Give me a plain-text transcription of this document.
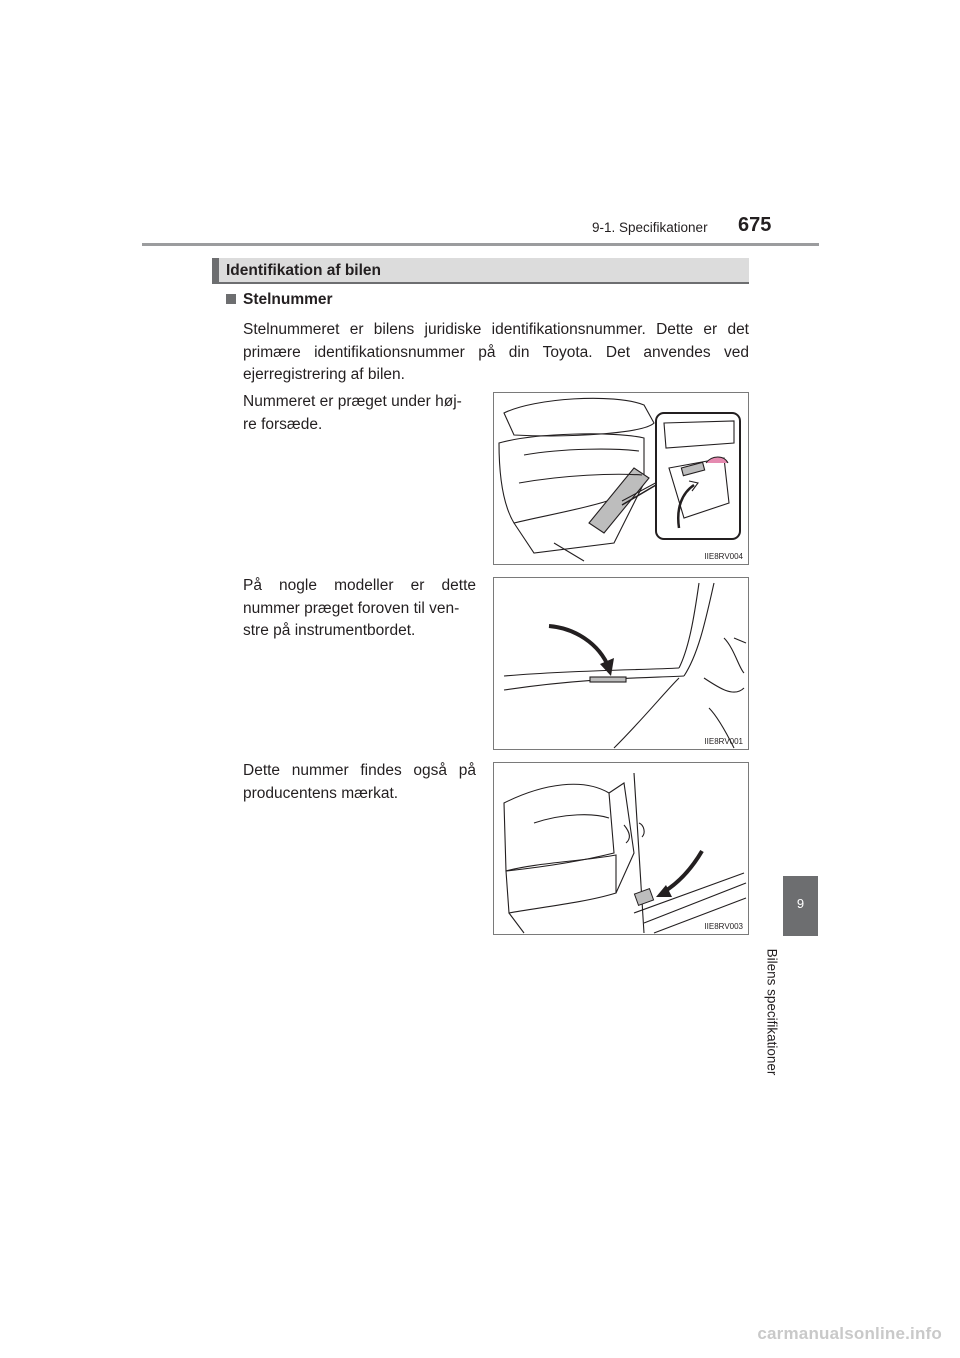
9-1. Specifikationer 675
Identifikation af bilen
Stelnummer
Stelnummeret er bilens juridiske identifikationsnummer. Dette er det primære identifikationsnummer på din Toyota. Det anvendes ved ejerregistrering af bilen.
Nummeret er præget under høj-
re forsæde.
På nogle modeller er dette nummer præget foroven til ven-
stre på instrumentbordet.
Dette nummer findes også på producentens mærkat.
IIE8RV004
IIE8RV001
IIE8RV003
9
Bilens specifikationer
carmanualsonline.info
